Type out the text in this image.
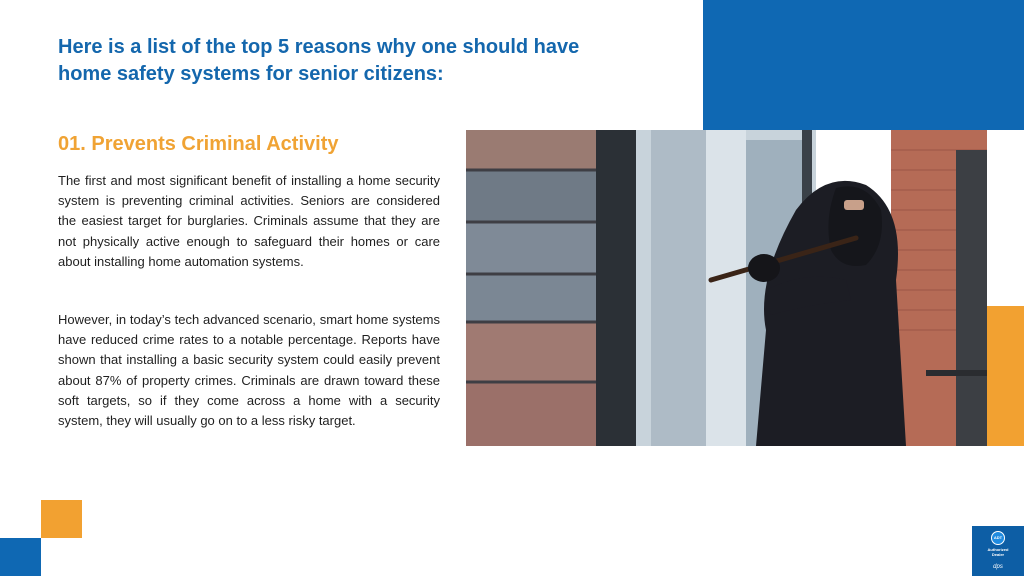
Here is a list of the top 5 reasons why one should have home safety systems for senior citizens:
01. Prevents Criminal Activity

The first and most significant benefit of installing a home security system is preventing criminal activities. Seniors are considered the easiest target for burglaries. Criminals assume that they are not physically active enough to safeguard their homes or care about installing home automation systems.

However, in today’s tech advanced scenario, smart home systems have reduced crime rates to a notable percentage. Reports have shown that installing a basic security system could easily prevent about 87% of property crimes. Criminals are drawn toward these soft targets, so if they come across a home with a security system, they will usually go on to a less risky target.

ADT
Authorized
Dealer
dps
